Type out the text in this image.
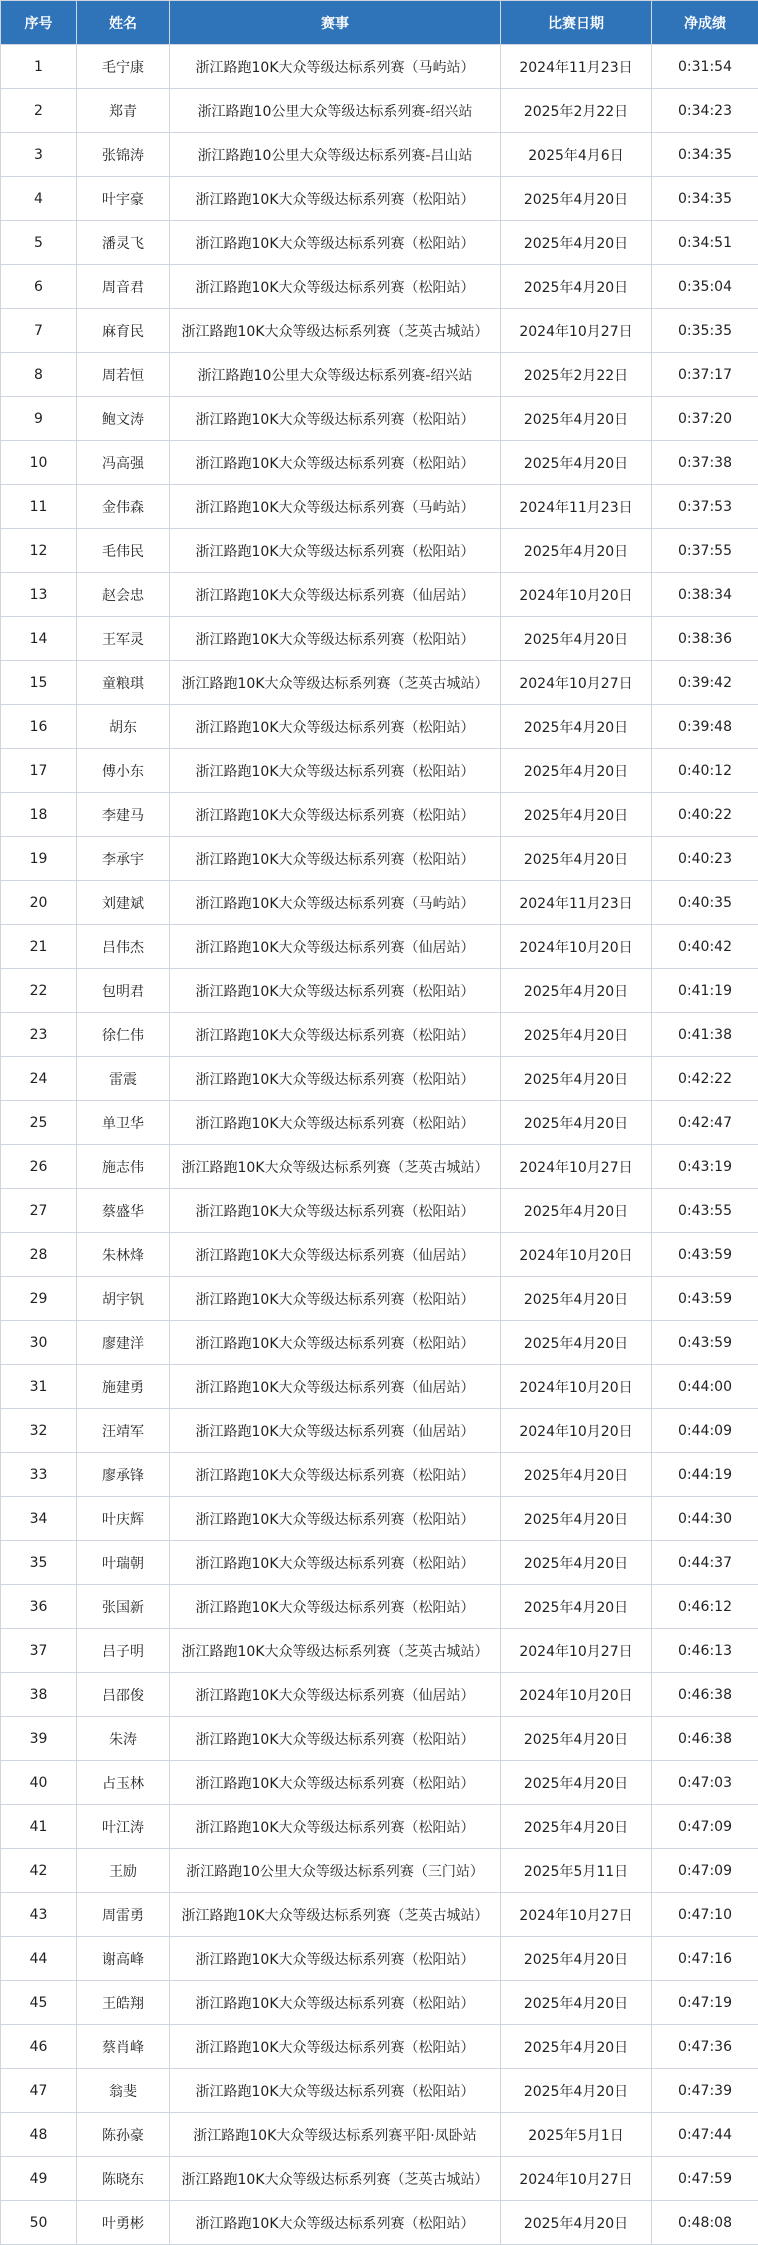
序号	姓名	赛事	比赛日期	净成绩
1	毛宁康	浙江路跑10K大众等级达标系列赛（马屿站）	2024年11月23日	0:31:54
2	郑青	浙江路跑10公里大众等级达标系列赛-绍兴站	2025年2月22日	0:34:23
3	张锦涛	浙江路跑10公里大众等级达标系列赛-吕山站	2025年4月6日	0:34:35
4	叶宇豪	浙江路跑10K大众等级达标系列赛（松阳站）	2025年4月20日	0:34:35
5	潘灵飞	浙江路跑10K大众等级达标系列赛（松阳站）	2025年4月20日	0:34:51
6	周音君	浙江路跑10K大众等级达标系列赛（松阳站）	2025年4月20日	0:35:04
7	麻育民	浙江路跑10K大众等级达标系列赛（芝英古城站）	2024年10月27日	0:35:35
8	周若恒	浙江路跑10公里大众等级达标系列赛-绍兴站	2025年2月22日	0:37:17
9	鲍文涛	浙江路跑10K大众等级达标系列赛（松阳站）	2025年4月20日	0:37:20
10	冯高强	浙江路跑10K大众等级达标系列赛（松阳站）	2025年4月20日	0:37:38
11	金伟森	浙江路跑10K大众等级达标系列赛（马屿站）	2024年11月23日	0:37:53
12	毛伟民	浙江路跑10K大众等级达标系列赛（松阳站）	2025年4月20日	0:37:55
13	赵会忠	浙江路跑10K大众等级达标系列赛（仙居站）	2024年10月20日	0:38:34
14	王军灵	浙江路跑10K大众等级达标系列赛（松阳站）	2025年4月20日	0:38:36
15	童粮琪	浙江路跑10K大众等级达标系列赛（芝英古城站）	2024年10月27日	0:39:42
16	胡东	浙江路跑10K大众等级达标系列赛（松阳站）	2025年4月20日	0:39:48
17	傅小东	浙江路跑10K大众等级达标系列赛（松阳站）	2025年4月20日	0:40:12
18	李建马	浙江路跑10K大众等级达标系列赛（松阳站）	2025年4月20日	0:40:22
19	李承宇	浙江路跑10K大众等级达标系列赛（松阳站）	2025年4月20日	0:40:23
20	刘建斌	浙江路跑10K大众等级达标系列赛（马屿站）	2024年11月23日	0:40:35
21	吕伟杰	浙江路跑10K大众等级达标系列赛（仙居站）	2024年10月20日	0:40:42
22	包明君	浙江路跑10K大众等级达标系列赛（松阳站）	2025年4月20日	0:41:19
23	徐仁伟	浙江路跑10K大众等级达标系列赛（松阳站）	2025年4月20日	0:41:38
24	雷震	浙江路跑10K大众等级达标系列赛（松阳站）	2025年4月20日	0:42:22
25	单卫华	浙江路跑10K大众等级达标系列赛（松阳站）	2025年4月20日	0:42:47
26	施志伟	浙江路跑10K大众等级达标系列赛（芝英古城站）	2024年10月27日	0:43:19
27	蔡盛华	浙江路跑10K大众等级达标系列赛（松阳站）	2025年4月20日	0:43:55
28	朱林烽	浙江路跑10K大众等级达标系列赛（仙居站）	2024年10月20日	0:43:59
29	胡宇钒	浙江路跑10K大众等级达标系列赛（松阳站）	2025年4月20日	0:43:59
30	廖建洋	浙江路跑10K大众等级达标系列赛（松阳站）	2025年4月20日	0:43:59
31	施建勇	浙江路跑10K大众等级达标系列赛（仙居站）	2024年10月20日	0:44:00
32	汪靖军	浙江路跑10K大众等级达标系列赛（仙居站）	2024年10月20日	0:44:09
33	廖承锋	浙江路跑10K大众等级达标系列赛（松阳站）	2025年4月20日	0:44:19
34	叶庆辉	浙江路跑10K大众等级达标系列赛（松阳站）	2025年4月20日	0:44:30
35	叶瑞朝	浙江路跑10K大众等级达标系列赛（松阳站）	2025年4月20日	0:44:37
36	张国新	浙江路跑10K大众等级达标系列赛（松阳站）	2025年4月20日	0:46:12
37	吕子明	浙江路跑10K大众等级达标系列赛（芝英古城站）	2024年10月27日	0:46:13
38	吕邵俊	浙江路跑10K大众等级达标系列赛（仙居站）	2024年10月20日	0:46:38
39	朱涛	浙江路跑10K大众等级达标系列赛（松阳站）	2025年4月20日	0:46:38
40	占玉林	浙江路跑10K大众等级达标系列赛（松阳站）	2025年4月20日	0:47:03
41	叶江涛	浙江路跑10K大众等级达标系列赛（松阳站）	2025年4月20日	0:47:09
42	王励	浙江路跑10公里大众等级达标系列赛（三门站）	2025年5月11日	0:47:09
43	周雷勇	浙江路跑10K大众等级达标系列赛（芝英古城站）	2024年10月27日	0:47:10
44	谢高峰	浙江路跑10K大众等级达标系列赛（松阳站）	2025年4月20日	0:47:16
45	王皓翔	浙江路跑10K大众等级达标系列赛（松阳站）	2025年4月20日	0:47:19
46	蔡肖峰	浙江路跑10K大众等级达标系列赛（松阳站）	2025年4月20日	0:47:36
47	翁斐	浙江路跑10K大众等级达标系列赛（松阳站）	2025年4月20日	0:47:39
48	陈孙豪	浙江路跑10K大众等级达标系列赛平阳·凤卧站	2025年5月1日	0:47:44
49	陈晓东	浙江路跑10K大众等级达标系列赛（芝英古城站）	2024年10月27日	0:47:59
50	叶勇彬	浙江路跑10K大众等级达标系列赛（松阳站）	2025年4月20日	0:48:08
